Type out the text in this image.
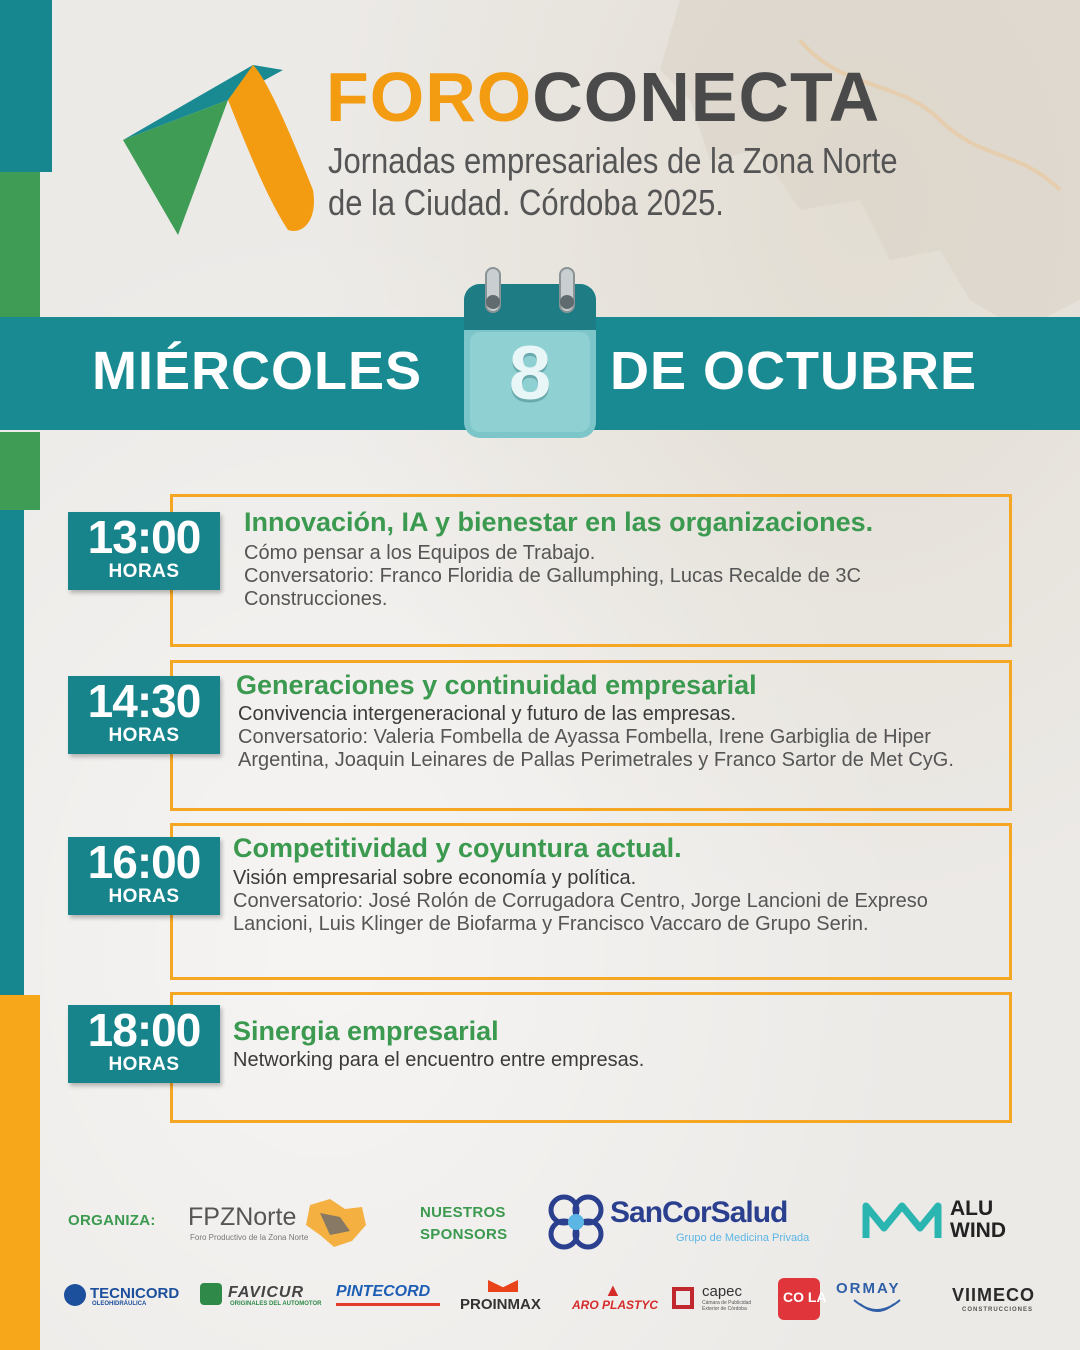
FOROCONECTA
Jornadas empresariales de la Zona Norte
de la Ciudad. Córdoba 2025.
MIÉRCOLES	8	DE OCTUBRE
13:00
HORAS
Innovación, IA y bienestar en las organizaciones.
Cómo pensar a los Equipos de Trabajo.
Conversatorio: Franco Floridia de Gallumphing, Lucas Recalde de 3C Construcciones.
14:30
HORAS
Generaciones y continuidad empresarial
Convivencia intergeneracional y futuro de las empresas.
Conversatorio: Valeria Fombella de Ayassa Fombella, Irene Garbiglia de Hiper Argentina, Joaquin Leinares de Pallas Perimetrales y Franco Sartor de Met CyG.
16:00
HORAS
Competitividad y coyuntura actual.
Visión empresarial sobre economía y política.
Conversatorio: José Rolón de Corrugadora Centro, Jorge Lancioni de Expreso Lancioni, Luis Klinger de Biofarma y Francisco Vaccaro de Grupo Serin.
18:00
HORAS
Sinergia empresarial
Networking para el encuentro entre empresas.
ORGANIZA: FPZNorte
Foro Productivo de la Zona Norte
NUESTROS
SPONSORS
SanCorSalud
Grupo de Medicina Privada
ALU
WIND
TECNICORD
OLEOHIDRÁULICA
FAVICUR
ORIGINALES DEL AUTOMOTOR
PINTECORD
PROINMAX
▲
ARO PLASTYC
capec
Cámara de Publicidad Exterior de Córdoba
CO LA ORMAY	VIIMECO
CONSTRUCCIONES
